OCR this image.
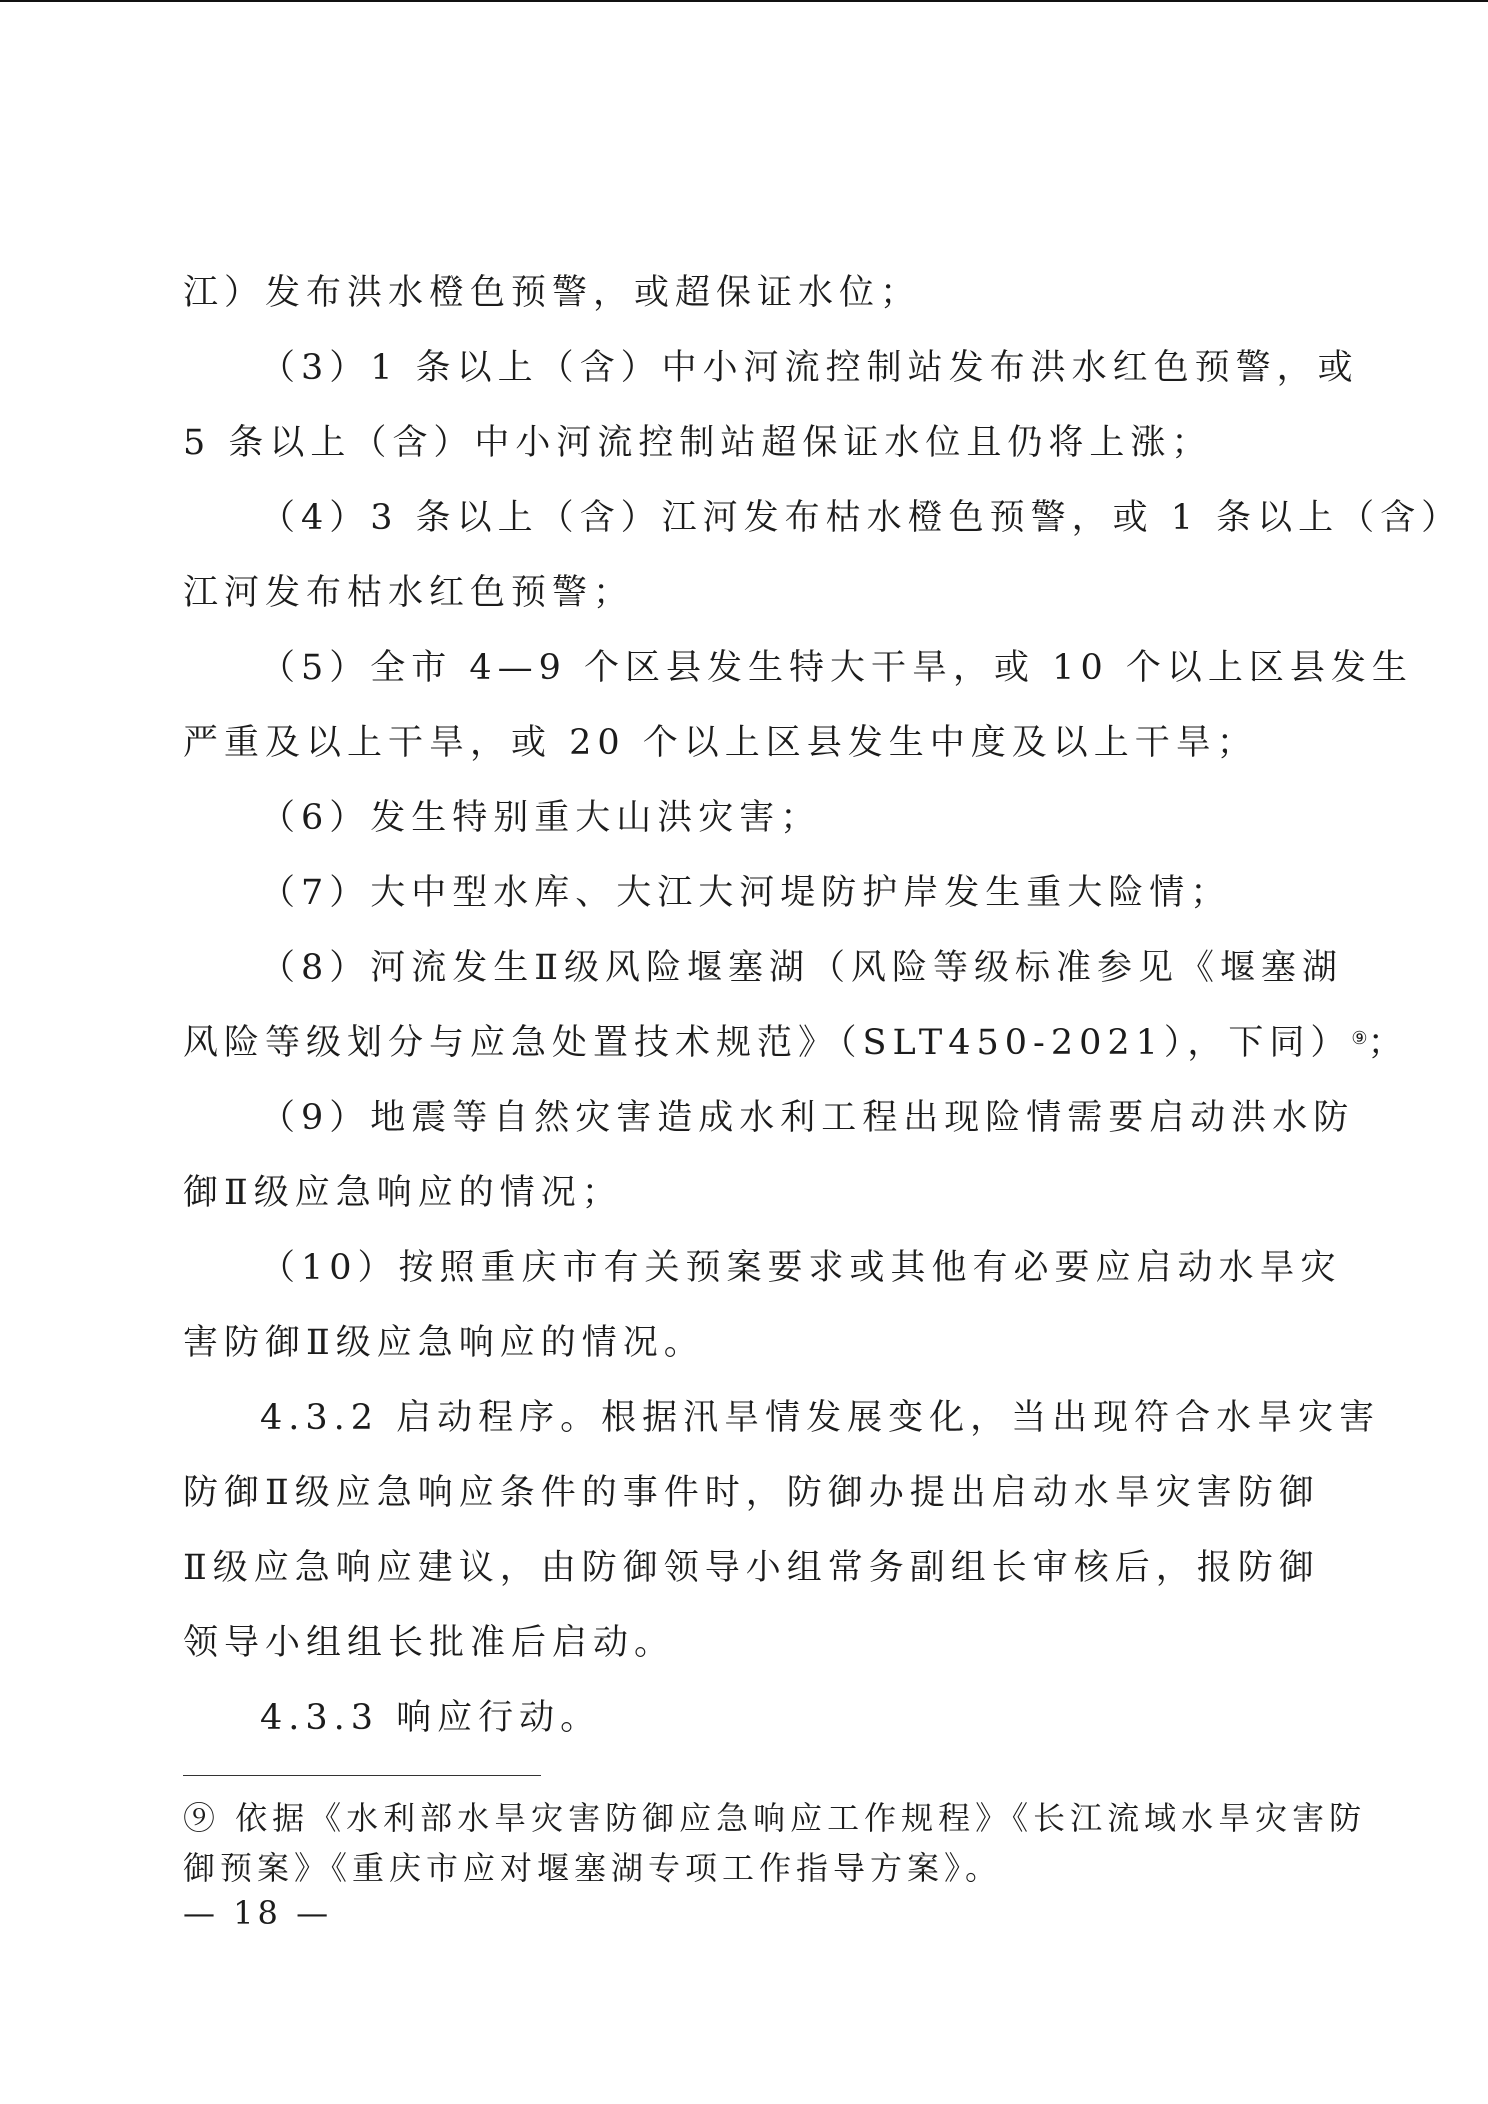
江）发布洪水橙色预警，或超保证水位；
（3）1 条以上（含）中小河流控制站发布洪水红色预警，或
5 条以上（含）中小河流控制站超保证水位且仍将上涨；
（4）3 条以上（含）江河发布枯水橙色预警，或 1 条以上（含）
江河发布枯水红色预警；
（5）全市 4—9 个区县发生特大干旱，或 10 个以上区县发生
严重及以上干旱，或 20 个以上区县发生中度及以上干旱；
（6）发生特别重大山洪灾害；
（7）大中型水库、大江大河堤防护岸发生重大险情；
（8）河流发生Ⅱ级风险堰塞湖（风险等级标准参见《堰塞湖
风险等级划分与应急处置技术规范》（SLT450-2021），下同）⑨；
（9）地震等自然灾害造成水利工程出现险情需要启动洪水防
御Ⅱ级应急响应的情况；
（10）按照重庆市有关预案要求或其他有必要应启动水旱灾
害防御Ⅱ级应急响应的情况。
4.3.2 启动程序。根据汛旱情发展变化，当出现符合水旱灾害
防御Ⅱ级应急响应条件的事件时，防御办提出启动水旱灾害防御
Ⅱ级应急响应建议，由防御领导小组常务副组长审核后，报防御
领导小组组长批准后启动。
4.3.3 响应行动。
⑨ 依据《水利部水旱灾害防御应急响应工作规程》《长江流域水旱灾害防
御预案》《重庆市应对堰塞湖专项工作指导方案》。
— 18 —
